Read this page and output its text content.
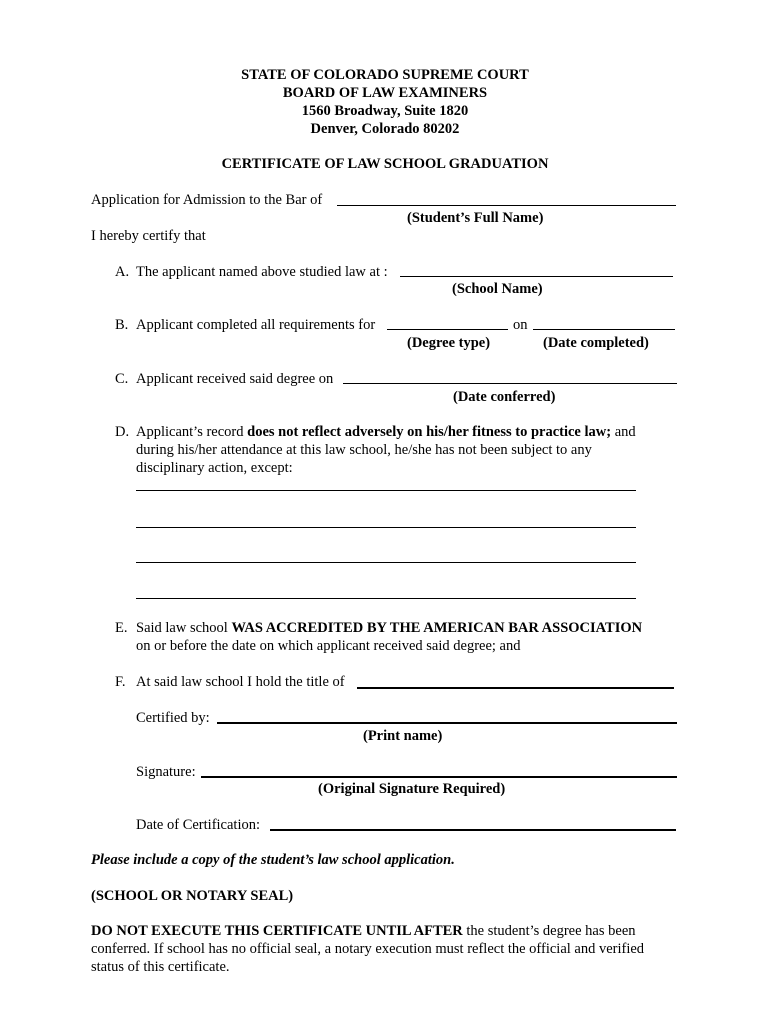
STATE OF COLORADO SUPREME COURT
BOARD OF LAW EXAMINERS
1560 Broadway, Suite 1820
Denver, Colorado 80202
CERTIFICATE OF LAW SCHOOL GRADUATION
Application for Admission to the Bar of
(Student’s Full Name)
I hereby certify that
A. The applicant named above studied law at :
(School Name)
B. Applicant completed all requirements for	on
(Degree type)	(Date completed)
C. Applicant received said degree on
(Date conferred)
D. Applicant’s record does not reflect adversely on his/her fitness to practice law; and
during his/her attendance at this law school, he/she has not been subject to any
disciplinary action, except:
E. Said law school WAS ACCREDITED BY THE AMERICAN BAR ASSOCIATION
on or before the date on which applicant received said degree; and
F. At said law school I hold the title of
Certified by:
(Print name)
Signature:
(Original Signature Required)
Date of Certification:
Please include a copy of the student’s law school application.
(SCHOOL OR NOTARY SEAL)
DO NOT EXECUTE THIS CERTIFICATE UNTIL AFTER the student’s degree has been
conferred. If school has no official seal, a notary execution must reflect the official and verified
status of this certificate.
